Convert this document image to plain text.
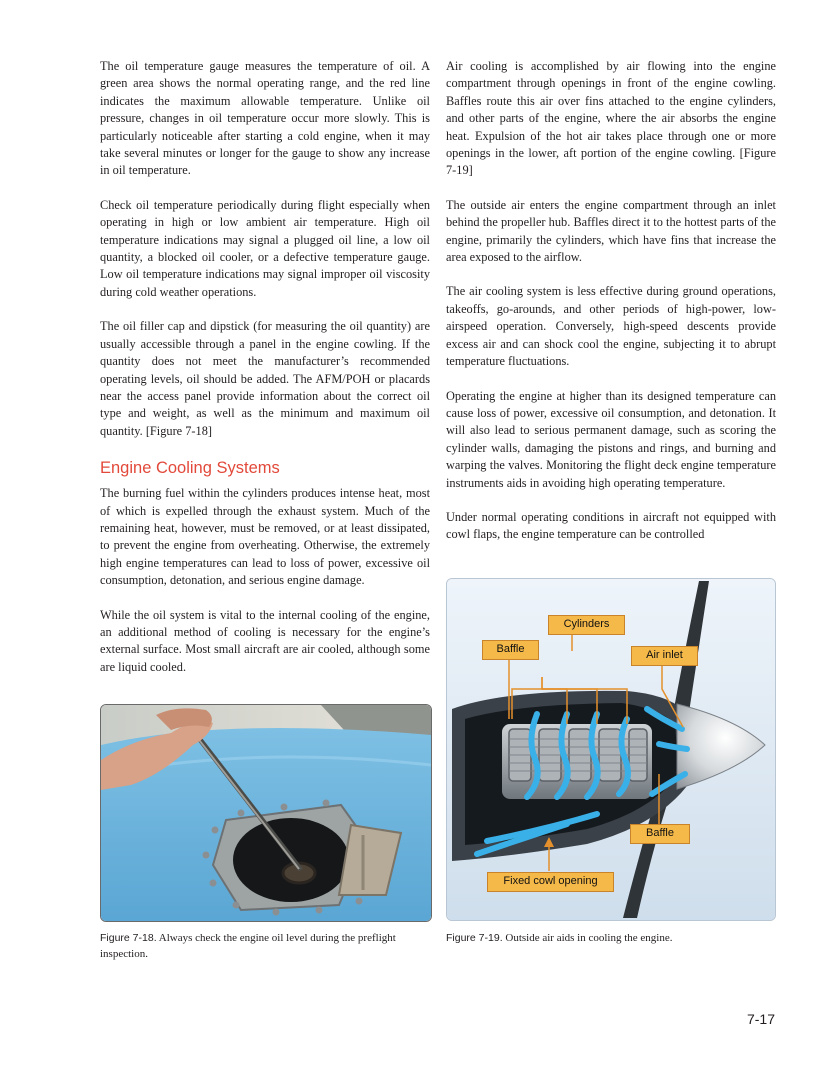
The oil temperature gauge measures the temperature of oil. A green area shows the normal operating range, and the red line indicates the maximum allowable temperature. Unlike oil pressure, changes in oil temperature occur more slowly. This is particularly noticeable after starting a cold engine, when it may take several minutes or longer for the gauge to show any increase in oil temperature.

Check oil temperature periodically during flight especially when operating in high or low ambient air temperature. High oil temperature indications may signal a plugged oil line, a low oil quantity, a blocked oil cooler, or a defective temperature gauge. Low oil temperature indications may signal improper oil viscosity during cold weather operations.

The oil filler cap and dipstick (for measuring the oil quantity) are usually accessible through a panel in the engine cowling. If the quantity does not meet the manufacturer’s recommended operating levels, oil should be added. The AFM/POH or placards near the access panel provide information about the correct oil type and weight, as well as the minimum and maximum oil quantity. [Figure 7-18]

Engine Cooling Systems

The burning fuel within the cylinders produces intense heat, most of which is expelled through the exhaust system. Much of the remaining heat, however, must be removed, or at least dissipated, to prevent the engine from overheating. Otherwise, the extremely high engine temperatures can lead to loss of power, excessive oil consumption, detonation, and serious engine damage.

While the oil system is vital to the internal cooling of the engine, an additional method of cooling is necessary for the engine’s external surface. Most small aircraft are air cooled, although some are liquid cooled.

Air cooling is accomplished by air flowing into the engine compartment through openings in front of the engine cowling. Baffles route this air over fins attached to the engine cylinders, and other parts of the engine, where the air absorbs the engine heat. Expulsion of the hot air takes place through one or more openings in the lower, aft portion of the engine cowling. [Figure 7-19]

The outside air enters the engine compartment through an inlet behind the propeller hub. Baffles direct it to the hottest parts of the engine, primarily the cylinders, which have fins that increase the area exposed to the airflow.

The air cooling system is less effective during ground operations, takeoffs, go-arounds, and other periods of high-power, low-airspeed operation. Conversely, high-speed descents provide excess air and can shock cool the engine, subjecting it to abrupt temperature fluctuations.

Operating the engine at higher than its designed temperature can cause loss of power, excessive oil consumption, and detonation. It will also lead to serious permanent damage, such as scoring the cylinder walls, damaging the pistons and rings, and burning and warping the valves. Monitoring the flight deck engine temperature instruments aids in avoiding high operating temperature.

Under normal operating conditions in aircraft not equipped with cowl flaps, the engine temperature can be controlled

Cylinders
Baffle	Air inlet
Baffle
Fixed cowl opening
Figure 7-18. Always check the engine oil level during the preflight inspection.
Figure 7-19. Outside air aids in cooling the engine.
7-17
